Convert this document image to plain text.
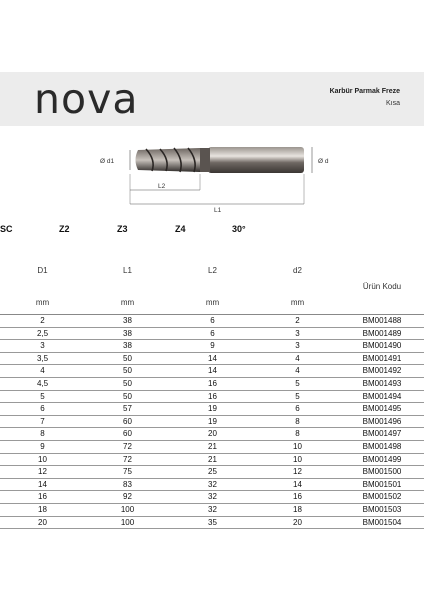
nova	Karbür Parmak Freze
Kısa
Ø d1	Ø d
L2
L1
SC	Z2	Z3	Z4	30°
D1	L1	L2	d2	Ürün Kodu
mm	mm	mm	mm	
2	38	6	2	BM001488
2,5	38	6	3	BM001489
3	38	9	3	BM001490
3,5	50	14	4	BM001491
4	50	14	4	BM001492
4,5	50	16	5	BM001493
5	50	16	5	BM001494
6	57	19	6	BM001495
7	60	19	8	BM001496
8	60	20	8	BM001497
9	72	21	10	BM001498
10	72	21	10	BM001499
12	75	25	12	BM001500
14	83	32	14	BM001501
16	92	32	16	BM001502
18	100	32	18	BM001503
20	100	35	20	BM001504
